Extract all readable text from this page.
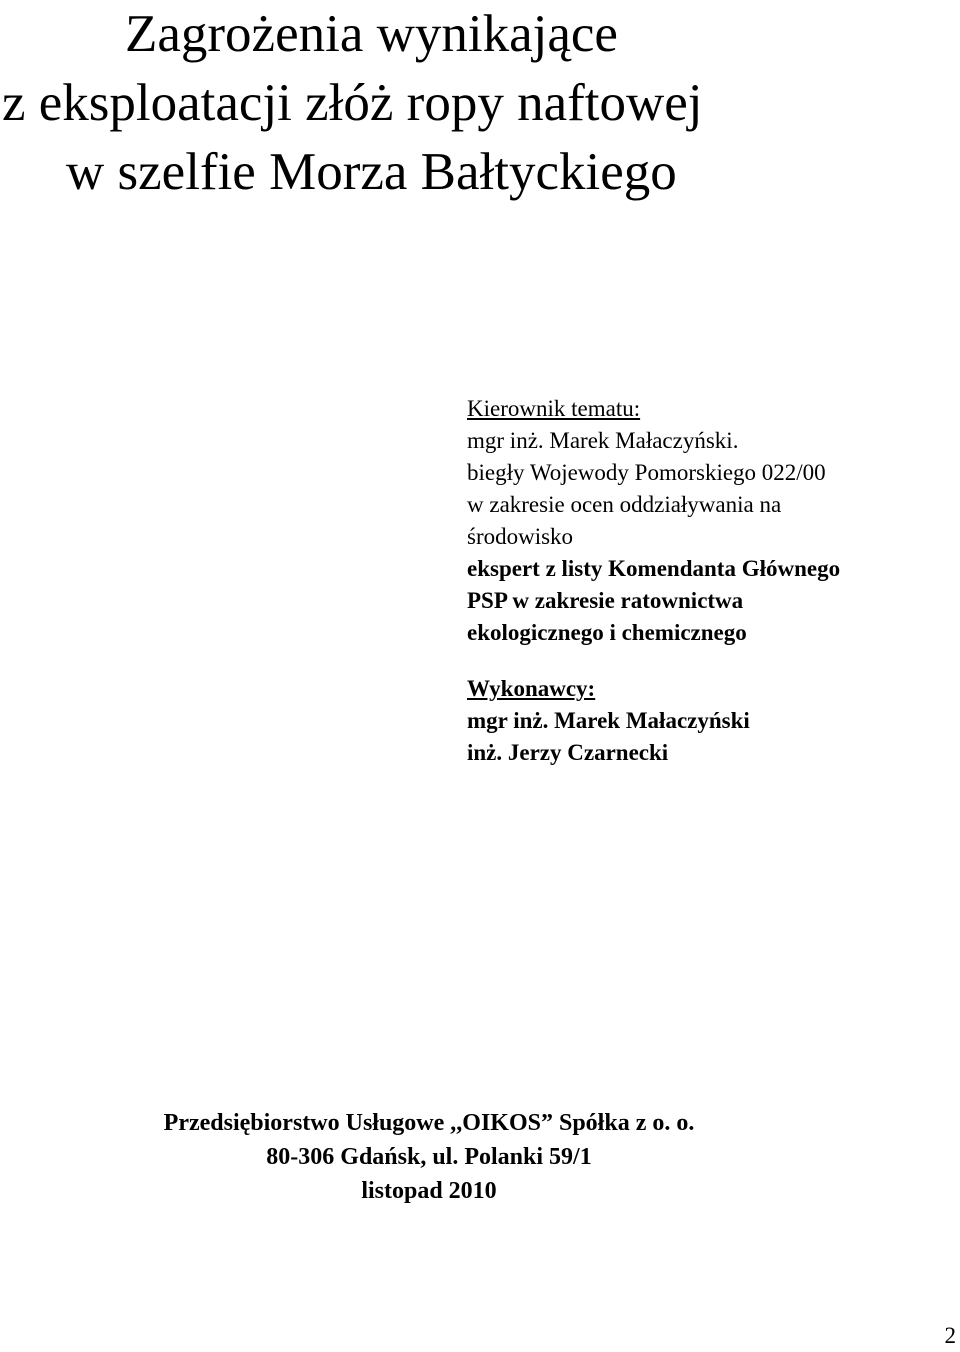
Zagrożenia wynikające
z eksploatacji złóż ropy naftowej
w szelfie Morza Bałtyckiego
Kierownik tematu:
mgr inż. Marek Małaczyński.
biegły Wojewody Pomorskiego 022/00
w zakresie ocen oddziaływania na
środowisko
ekspert z listy Komendanta Głównego
PSP w zakresie ratownictwa
ekologicznego i chemicznego
Wykonawcy:
mgr inż. Marek Małaczyński
inż. Jerzy Czarnecki
Przedsiębiorstwo Usługowe ,,OIKOS” Spółka z o. o.
80-306 Gdańsk, ul. Polanki 59/1
listopad 2010
2
